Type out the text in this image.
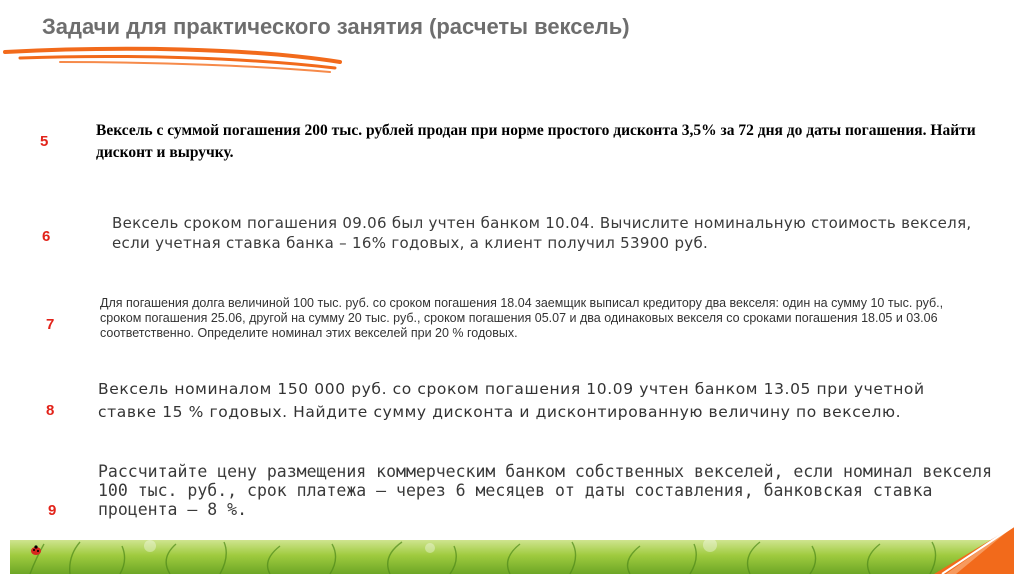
Задачи для практического занятия (расчеты вексель)
5
Вексель с суммой погашения 200 тыс. рублей продан при норме простого дисконта 3,5% за 72 дня до даты погашения. Найти дисконт и выручку.
6
Вексель сроком погашения 09.06 был учтен банком 10.04. Вычислите номинальную стоимость векселя, если учетная ставка банка – 16% годовых, а клиент получил 53900 руб.
7
Для погашения долга величиной 100 тыс. руб. со сроком погашения 18.04 заемщик выписал кредитору два векселя: один на сумму 10 тыс. руб., сроком погашения 25.06, другой на сумму 20 тыс. руб., сроком погашения 05.07 и два одинаковых векселя со сроками погашения 18.05 и 03.06 соответственно. Определите номинал этих векселей при 20 % годовых.
8
Вексель номиналом 150 000 руб. со сроком погашения 10.09 учтен банком 13.05 при учетной ставке 15 % годовых. Найдите сумму дисконта и дисконтированную величину по векселю.
9
Рассчитайте цену размещения коммерческим банком собственных векселей, если номинал векселя 100 тыс. руб., срок платежа – через 6 месяцев от даты составления, банковская ставка процента – 8 %.
